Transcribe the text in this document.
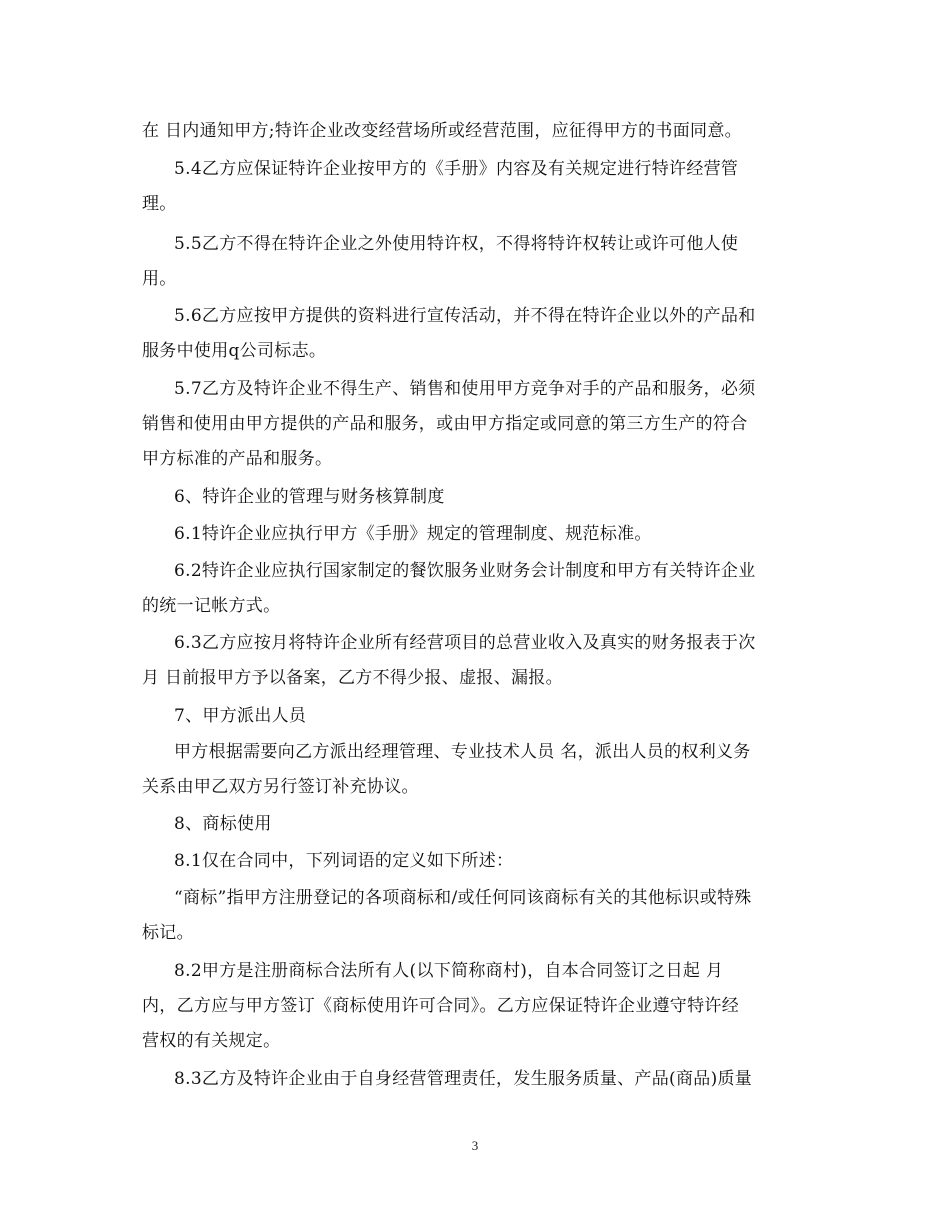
在 日内通知甲方;特许企业改变经营场所或经营范围，应征得甲方的书面同意。
5.4乙方应保证特许企业按甲方的《手册》内容及有关规定进行特许经营管
理。
5.5乙方不得在特许企业之外使用特许权，不得将特许权转让或许可他人使
用。
5.6乙方应按甲方提供的资料进行宣传活动，并不得在特许企业以外的产品和
服务中使用q公司标志。
5.7乙方及特许企业不得生产、销售和使用甲方竞争对手的产品和服务，必须
销售和使用由甲方提供的产品和服务，或由甲方指定或同意的第三方生产的符合
甲方标准的产品和服务。
6、特许企业的管理与财务核算制度
6.1特许企业应执行甲方《手册》规定的管理制度、规范标准。
6.2特许企业应执行国家制定的餐饮服务业财务会计制度和甲方有关特许企业
的统一记帐方式。
6.3乙方应按月将特许企业所有经营项目的总营业收入及真实的财务报表于次
月 日前报甲方予以备案，乙方不得少报、虚报、漏报。
7、甲方派出人员
甲方根据需要向乙方派出经理管理、专业技术人员 名，派出人员的权利义务
关系由甲乙双方另行签订补充协议。
8、商标使用
8.1仅在合同中，下列词语的定义如下所述：
“商标”指甲方注册登记的各项商标和/或任何同该商标有关的其他标识或特殊
标记。
8.2甲方是注册商标合法所有人(以下简称商村)，自本合同签订之日起 月
内，乙方应与甲方签订《商标使用许可合同》。乙方应保证特许企业遵守特许经
营权的有关规定。
8.3乙方及特许企业由于自身经营管理责任，发生服务质量、产品(商品)质量
3
